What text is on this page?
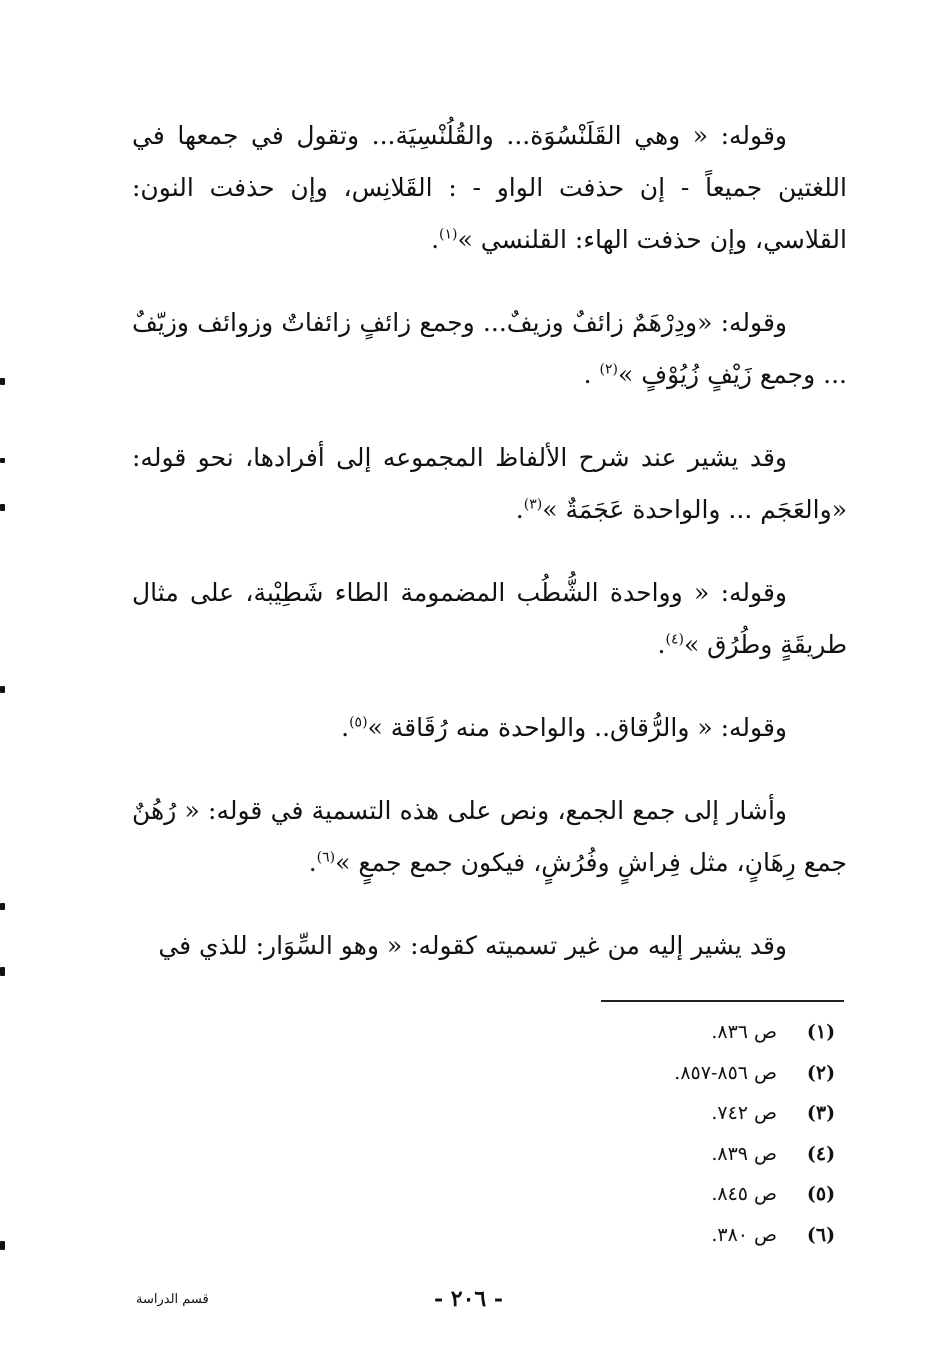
وقوله: « وهي القَلَنْسُوَة... والقُلُنْسِيَة... وتقول في جمعها في اللغتين جميعاً - إن حذفت الواو - : القَلانِس، وإن حذفت النون: القلاسي، وإن حذفت الهاء: القلنسي »$^{(١)}$.

وقوله: «ودِرْهَمٌ زائفٌ وزيفٌ... وجمع زائفٍ زائفاتٌ وزوائف وزيّفٌ ... وجمع زَيْفٍ زُيُوْفٍ »$^{(٢)}$ .

وقد يشير عند شرح الألفاظ المجموعه إلى أفرادها، نحو قوله: «والعَجَم ... والواحدة عَجَمَةٌ »$^{(٣)}$.

وقوله: « وواحدة الشُّطُب المضمومة الطاء شَطِيْبة، على مثال طريقَةٍ وطُرُق »$^{(٤)}$.

وقوله: « والرُّقاق.. والواحدة منه رُقَاقة »$^{(٥)}$.

وأشار إلى جمع الجمع، ونص على هذه التسمية في قوله: « رُهُنٌ جمع رِهَانٍ، مثل فِراشٍ وفُرُشٍ، فيكون جمع جمعٍ »$^{(٦)}$.

وقد يشير إليه من غير تسميته كقوله: « وهو السِّوَار: للذي في

(١)
ص ٨٣٦.
(٢)
ص ٨٥٦-٨٥٧.
(٣)
ص ٧٤٢.
(٤)
ص ٨٣٩.
(٥)
ص ٨٤٥.
(٦)
ص ٣٨٠.
- ٢٠٦ -
قسم الدراسة
